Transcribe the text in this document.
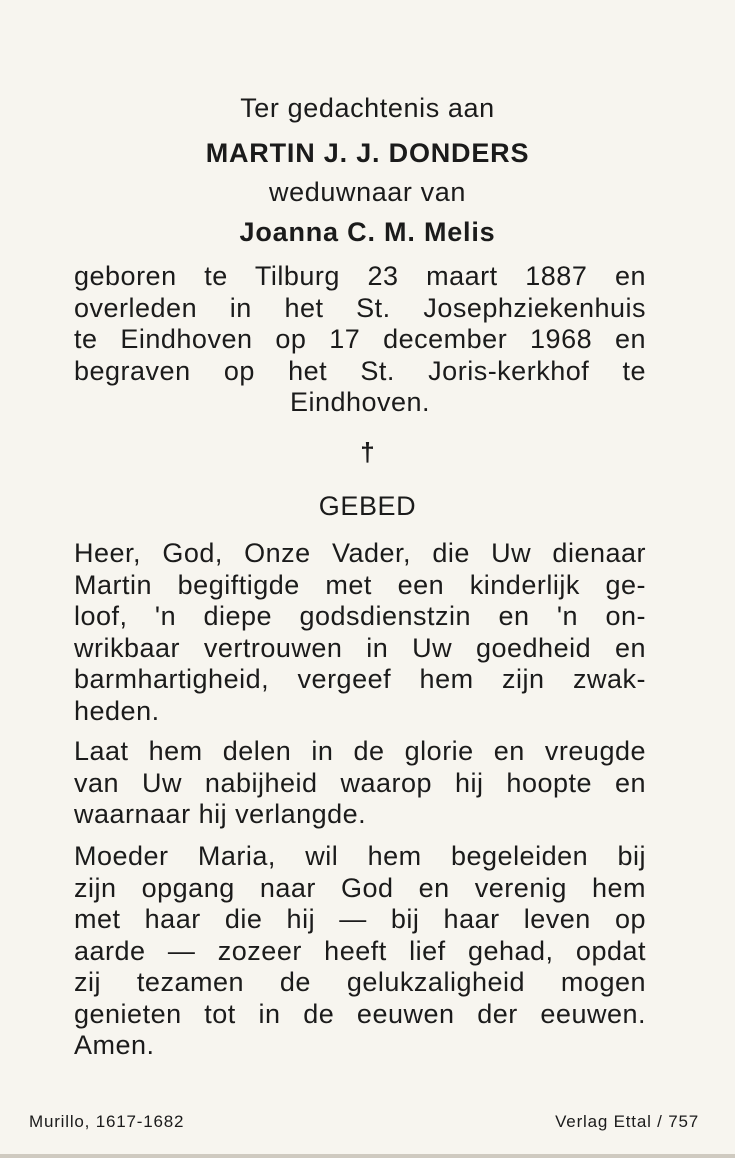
Ter gedachtenis aan
MARTIN J. J. DONDERS
weduwnaar van
Joanna C. M. Melis
geboren te Tilburg 23 maart 1887 en
overleden in het St. Josephziekenhuis
te Eindhoven op 17 december 1968 en
begraven op het St. Joris-kerkhof te
Eindhoven.
†
GEBED
Heer, God, Onze Vader, die Uw dienaar
Martin begiftigde met een kinderlijk ge-
loof, 'n diepe godsdienstzin en 'n on-
wrikbaar vertrouwen in Uw goedheid en
barmhartigheid, vergeef hem zijn zwak-
heden.
Laat hem delen in de glorie en vreugde
van Uw nabijheid waarop hij hoopte en
waarnaar hij verlangde.
Moeder Maria, wil hem begeleiden bij
zijn opgang naar God en verenig hem
met haar die hij — bij haar leven op
aarde — zozeer heeft lief gehad, opdat
zij tezamen de gelukzaligheid mogen
genieten tot in de eeuwen der eeuwen.
Amen.
Murillo, 1617-1682	Verlag Ettal / 757
